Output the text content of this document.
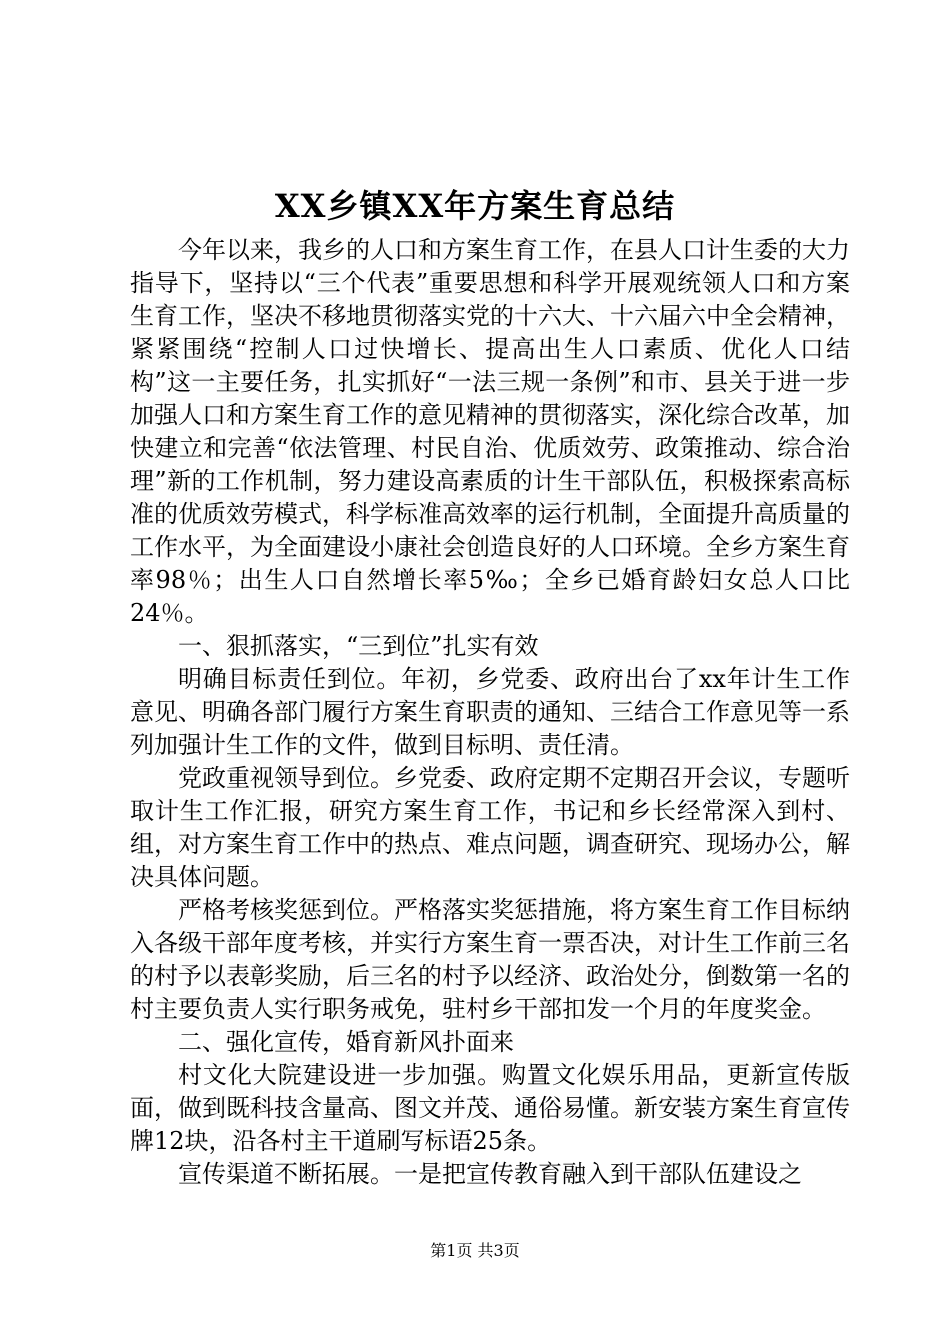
XX乡镇XX年方案生育总结

今年以来，我乡的人口和方案生育工作，在县人口计生委的大力指导下，坚持以“三个代表”重要思想和科学开展观统领人口和方案生育工作，坚决不移地贯彻落实党的十六大、十六届六中全会精神，紧紧围绕“控制人口过快增长、提高出生人口素质、优化人口结构”这一主要任务，扎实抓好“一法三规一条例”和市、县关于进一步加强人口和方案生育工作的意见精神的贯彻落实，深化综合改革，加快建立和完善“依法管理、村民自治、优质效劳、政策推动、综合治理”新的工作机制，努力建设高素质的计生干部队伍，积极探索高标准的优质效劳模式，科学标准高效率的运行机制，全面提升高质量的工作水平，为全面建设小康社会创造良好的人口环境。全乡方案生育率98％；出生人口自然增长率5‰；全乡已婚育龄妇女总人口比24％。

一、狠抓落实，“三到位”扎实有效

明确目标责任到位。年初，乡党委、政府出台了xx年计生工作意见、明确各部门履行方案生育职责的通知、三结合工作意见等一系列加强计生工作的文件，做到目标明、责任清。

党政重视领导到位。乡党委、政府定期不定期召开会议，专题听取计生工作汇报，研究方案生育工作，书记和乡长经常深入到村、组，对方案生育工作中的热点、难点问题，调查研究、现场办公，解决具体问题。

严格考核奖惩到位。严格落实奖惩措施，将方案生育工作目标纳入各级干部年度考核，并实行方案生育一票否决，对计生工作前三名的村予以表彰奖励，后三名的村予以经济、政治处分，倒数第一名的村主要负责人实行职务戒免，驻村乡干部扣发一个月的年度奖金。

二、强化宣传，婚育新风扑面来

村文化大院建设进一步加强。购置文化娱乐用品，更新宣传版面，做到既科技含量高、图文并茂、通俗易懂。新安装方案生育宣传牌12块，沿各村主干道刷写标语25条。

宣传渠道不断拓展。一是把宣传教育融入到干部队伍建设之

第1页 共3页
